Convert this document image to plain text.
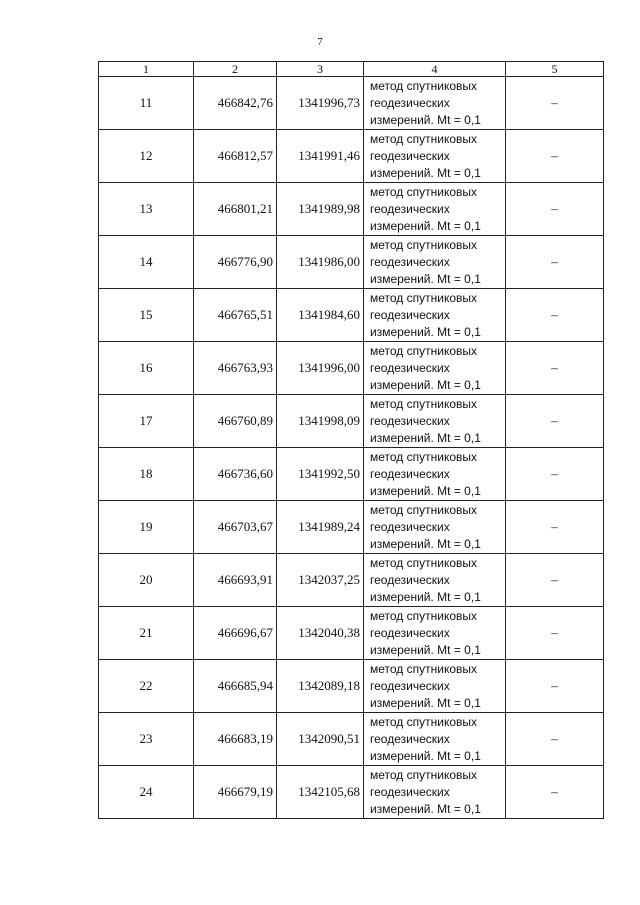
7
1	2	3	4	5
11	466842,76	1341996,73	метод спутниковых
геодезических
измерений. Mt = 0,1	–
12	466812,57	1341991,46	метод спутниковых
геодезических
измерений. Mt = 0,1	–
13	466801,21	1341989,98	метод спутниковых
геодезических
измерений. Mt = 0,1	–
14	466776,90	1341986,00	метод спутниковых
геодезических
измерений. Mt = 0,1	–
15	466765,51	1341984,60	метод спутниковых
геодезических
измерений. Mt = 0,1	–
16	466763,93	1341996,00	метод спутниковых
геодезических
измерений. Mt = 0,1	–
17	466760,89	1341998,09	метод спутниковых
геодезических
измерений. Mt = 0,1	–
18	466736,60	1341992,50	метод спутниковых
геодезических
измерений. Mt = 0,1	–
19	466703,67	1341989,24	метод спутниковых
геодезических
измерений. Mt = 0,1	–
20	466693,91	1342037,25	метод спутниковых
геодезических
измерений. Mt = 0,1	–
21	466696,67	1342040,38	метод спутниковых
геодезических
измерений. Mt = 0,1	–
22	466685,94	1342089,18	метод спутниковых
геодезических
измерений. Mt = 0,1	–
23	466683,19	1342090,51	метод спутниковых
геодезических
измерений. Mt = 0,1	–
24	466679,19	1342105,68	метод спутниковых
геодезических
измерений. Mt = 0,1	–
